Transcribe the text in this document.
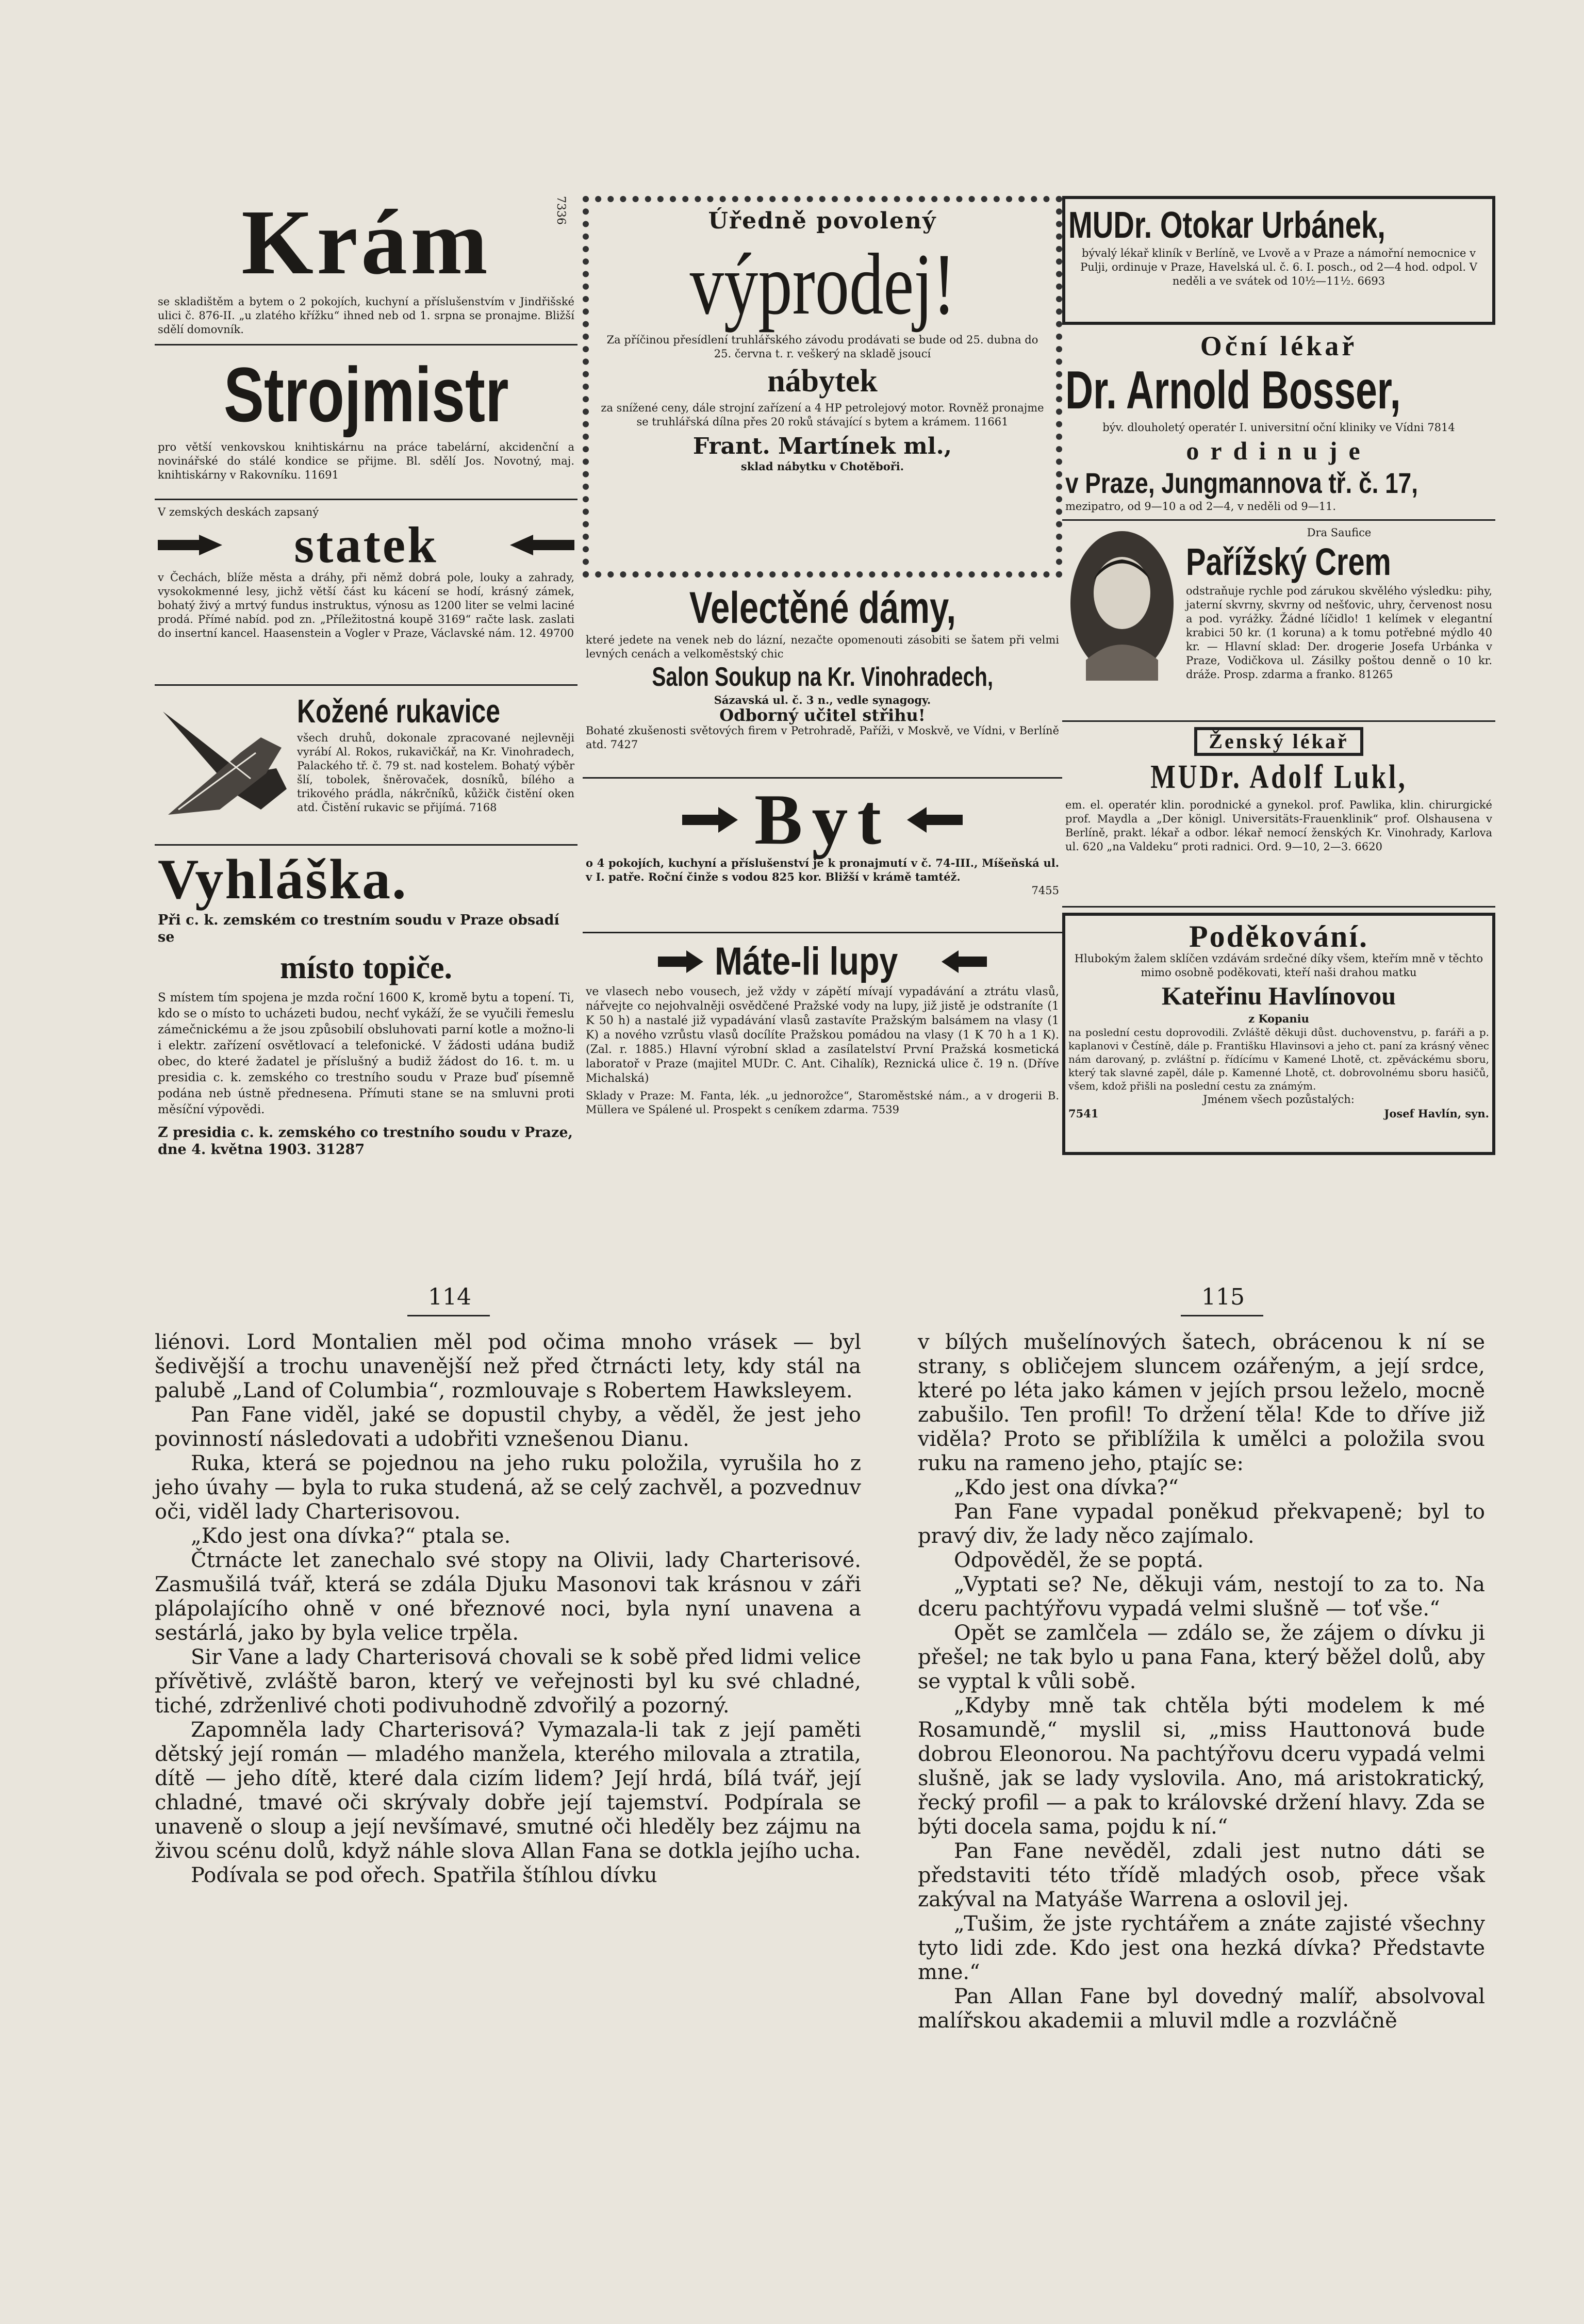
Krám
se skladištěm a bytem o 2 pokojích, kuchyní a příslušenstvím v Jindřišské ulici č. 876-II. „u zlatého křížku“ ihned neb od 1. srpna se pronajme. Bližší sdělí domovník.
7336
Strojmistr
pro větší venkovskou knihtiskárnu na práce tabelární, akcidenční a novinářské do stálé kondice se přijme. Bl. sdělí Jos. Novotný, maj. knihtiskárny v Rakovníku. 11691
V zemských deskách zapsaný
statek
v Čechách, blíže města a dráhy, při němž dobrá pole, louky a zahrady, vysokokmenné lesy, jichž větší část ku kácení se hodí, krásný zámek, bohatý živý a mrtvý fundus instruktus, výnosu as 1200 liter se velmi laciné prodá. Přímé nabíd. pod zn. „Příležitostná koupě 3169“ račte lask. zaslati do insertní kancel. Haasenstein a Vogler v Praze, Václavské nám. 12. 49700
Kožené rukavice
všech druhů, dokonale zpracované nejlevněji vyrábí Al. Rokos, rukavičkář, na Kr. Vinohradech, Palackého tř. č. 79 st. nad kostelem. Bohatý výběr šlí, tobolek, šněrovaček, dosníků, bílého a trikového prádla, nákrčníků, kůžičk čistění oken atd. Čistění rukavic se přijímá. 7168
Vyhláška.
Při c. k. zemském co trestním soudu v Praze obsadí se
místo topiče.
S místem tím spojena je mzda roční 1600 K, kromě bytu a topení. Ti, kdo se o místo to ucházeti budou, nechť vykáží, že se vyučili řemeslu zámečnickému a že jsou způsobilí obsluhovati parní kotle a možno-li i elektr. zařízení osvětlovací a telefonické. V žádosti udána budiž obec, do které žadatel je příslušný a budiž žádost do 16. t. m. u presidia c. k. zemského co trestního soudu v Praze buď písemně podána neb ústně přednesena. Přímuti stane se na smluvni proti měsíční výpovědi.
Z presidia c. k. zemského co trestního soudu v Praze, dne 4. května 1903. 31287
Úředně povolený
výprodej!
Za příčinou přesídlení truhlářského závodu prodávati se bude od 25. dubna do 25. června t. r. veškerý na skladě jsoucí
nábytek
za snížené ceny, dále strojní zařízení a 4 HP petrolejový motor. Rovněž pronajme se truhlářská dílna přes 20 roků stávající s bytem a krámem. 11661
Frant. Martínek ml.,
sklad nábytku v Chotěboři.
Velectěné dámy,
které jedete na venek neb do lázní, nezačte opomenouti zásobiti se šatem při velmi levných cenách a velkoměstský chic
Salon Soukup na Kr. Vinohradech,
Sázavská ul. č. 3 n., vedle synagogy.
Odborný učitel střihu!
Bohaté zkušenosti světových firem v Petrohradě, Paříži, v Moskvě, ve Vídni, v Berlíně atd. 7427
Byt
o 4 pokojích, kuchyní a příslušenství je k pronajmutí v č. 74-III., Míšeňská ul. v I. patře. Roční činže s vodou 825 kor. Bližší v krámě tamtéž.
7455
Máte-li lupy
ve vlasech nebo vousech, jež vždy v zápětí mívají vypadávání a ztrátu vlasů, nářvejte co nejohvalněji osvědčené Pražské vody na lupy, již jistě je odstraníte (1 K 50 h) a nastalé již vypadávání vlasů zastavíte Pražským balsámem na vlasy (1 K) a nového vzrůstu vlasů docílíte Pražskou pomádou na vlasy (1 K 70 h a 1 K). (Zal. r. 1885.) Hlavní výrobní sklad a zasílatelství První Pražská kosmetická laboratoř v Praze (majitel MUDr. C. Ant. Cihalík), Reznická ulice č. 19 n. (Dříve Michalská)
Sklady v Praze: M. Fanta, lék. „u jednorožce“, Staroměstské nám., a v drogerii B. Müllera ve Spálené ul. Prospekt s ceníkem zdarma. 7539
MUDr. Otokar Urbánek,
bývalý lékař kliník v Berlíně, ve Lvově a v Praze a námořní nemocnice v Pulji, ordinuje v Praze, Havelská ul. č. 6. I. posch., od 2—4 hod. odpol. V neděli a ve svátek od 10½—11½. 6693
Oční lékař
Dr. Arnold Bosser,
býv. dlouholetý operatér I. universitní oční kliniky ve Vídni 7814
ordinuje
v Praze, Jungmannova tř. č. 17,
mezipatro, od 9—10 a od 2—4, v neděli od 9—11.
Dra Saufice
Pařížský Crem
odstraňuje rychle pod zárukou skvělého výsledku: pihy, jaterní skvrny, skvrny od nešťovic, uhry, červenost nosu a pod. vyrážky. Žádné líčidlo! 1 kelímek v elegantní krabici 50 kr. (1 koruna) a k tomu potřebné mýdlo 40 kr. — Hlavní sklad: Der. drogerie Josefa Urbánka v Praze, Vodičkova ul. Zásilky poštou denně o 10 kr. dráže. Prosp. zdarma a franko. 81265
Ženský lékař
MUDr. Adolf Lukl,
em. el. operatér klin. porodnické a gynekol. prof. Pawlika, klin. chirurgické prof. Maydla a „Der königl. Universitäts-Frauenklinik“ prof. Olshausena v Berlíně, prakt. lékař a odbor. lékař nemocí ženských Kr. Vinohrady, Karlova ul. 620 „na Valdeku“ proti radnici. Ord. 9—10, 2—3. 6620
Poděkování.
Hlubokým žalem sklíčen vzdávám srdečné díky všem, kteřím mně v těchto mimo osobně poděkovati, kteří naši drahou matku
Kateřinu Havlínovou
z Kopaniu
na poslední cestu doprovodili. Zvláště děkuji důst. duchovenstvu, p. faráři a p. kaplanovi v Čestíně, dále p. Františku Hlavinsovi a jeho ct. paní za krásný věnec nám darovaný, p. zvláštní p. řídícímu v Kamené Lhotě, ct. zpěváckému sboru, který tak slavné zapěl, dále p. Kamenné Lhotě, ct. dobrovolnému sboru hasičů, všem, kdož přišli na poslední cestu za známým.
Jménem všech pozůstalých:
7541	Josef Havlín, syn.
114	115

liénovi. Lord Montalien měl pod očima mnoho vrásek — byl šedivější a trochu unavenější než před čtrnácti lety, kdy stál na palubě „Land of Columbia“, rozmlouvaje s Robertem Hawksleyem.

Pan Fane viděl, jaké se dopustil chyby, a věděl, že jest jeho povinností následovati a udobřiti vznešenou Dianu.

Ruka, která se pojednou na jeho ruku položila, vyrušila ho z jeho úvahy — byla to ruka studená, až se celý zachvěl, a pozvednuv oči, viděl lady Charterisovou.

„Kdo jest ona dívka?“ ptala se.

Čtrnácte let zanechalo své stopy na Olivii, lady Charterisové. Zasmušilá tvář, která se zdála Djuku Masonovi tak krásnou v záři plápolajícího ohně v oné březnové noci, byla nyní unavena a sestárlá, jako by byla velice trpěla.

Sir Vane a lady Charterisová chovali se k sobě před lidmi velice přívětivě, zvláště baron, který ve veřejnosti byl ku své chladné, tiché, zdrženlivé choti podivuhodně zdvořilý a pozorný.

Zapomněla lady Charterisová? Vymazala-li tak z její paměti dětský její román — mladého manžela, kterého milovala a ztratila, dítě — jeho dítě, které dala cizím lidem? Její hrdá, bílá tvář, její chladné, tmavé oči skrývaly dobře její tajemství. Podpírala se unaveně o sloup a její nevšímavé, smutné oči hleděly bez zájmu na živou scénu dolů, když náhle slova Allan Fana se dotkla jejího ucha.

Podívala se pod ořech. Spatřila štíhlou dívku

v bílých mušelínových šatech, obrácenou k ní se strany, s obličejem sluncem ozářeným, a její srdce, které po léta jako kámen v jejích prsou leželo, mocně zabušilo. Ten profil! To držení těla! Kde to dříve již viděla? Proto se přiblížila k umělci a položila svou ruku na rameno jeho, ptajíc se:

„Kdo jest ona dívka?“

Pan Fane vypadal poněkud překvapeně; byl to pravý div, že lady něco zajímalo.

Odpověděl, že se poptá.

„Vyptati se? Ne, děkuji vám, nestojí to za to. Na dceru pachtýřovu vypadá velmi slušně — toť vše.“

Opět se zamlčela — zdálo se, že zájem o dívku ji přešel; ne tak bylo u pana Fana, který běžel dolů, aby se vyptal k vůli sobě.

„Kdyby mně tak chtěla býti modelem k mé Rosamundě,“ myslil si, „miss Hauttonová bude dobrou Eleonorou. Na pachtýřovu dceru vypadá velmi slušně, jak se lady vyslovila. Ano, má aristokratický, řecký profil — a pak to královské držení hlavy. Zda se býti docela sama, pojdu k ní.“

Pan Fane nevěděl, zdali jest nutno dáti se představiti této třídě mladých osob, přece však zakýval na Matyáše Warrena a oslovil jej.

„Tušim, že jste rychtářem a znáte zajisté všechny tyto lidi zde. Kdo jest ona hezká dívka? Představte mne.“

Pan Allan Fane byl dovedný malíř, absolvoval malířskou akademii a mluvil mdle a rozvláčně
